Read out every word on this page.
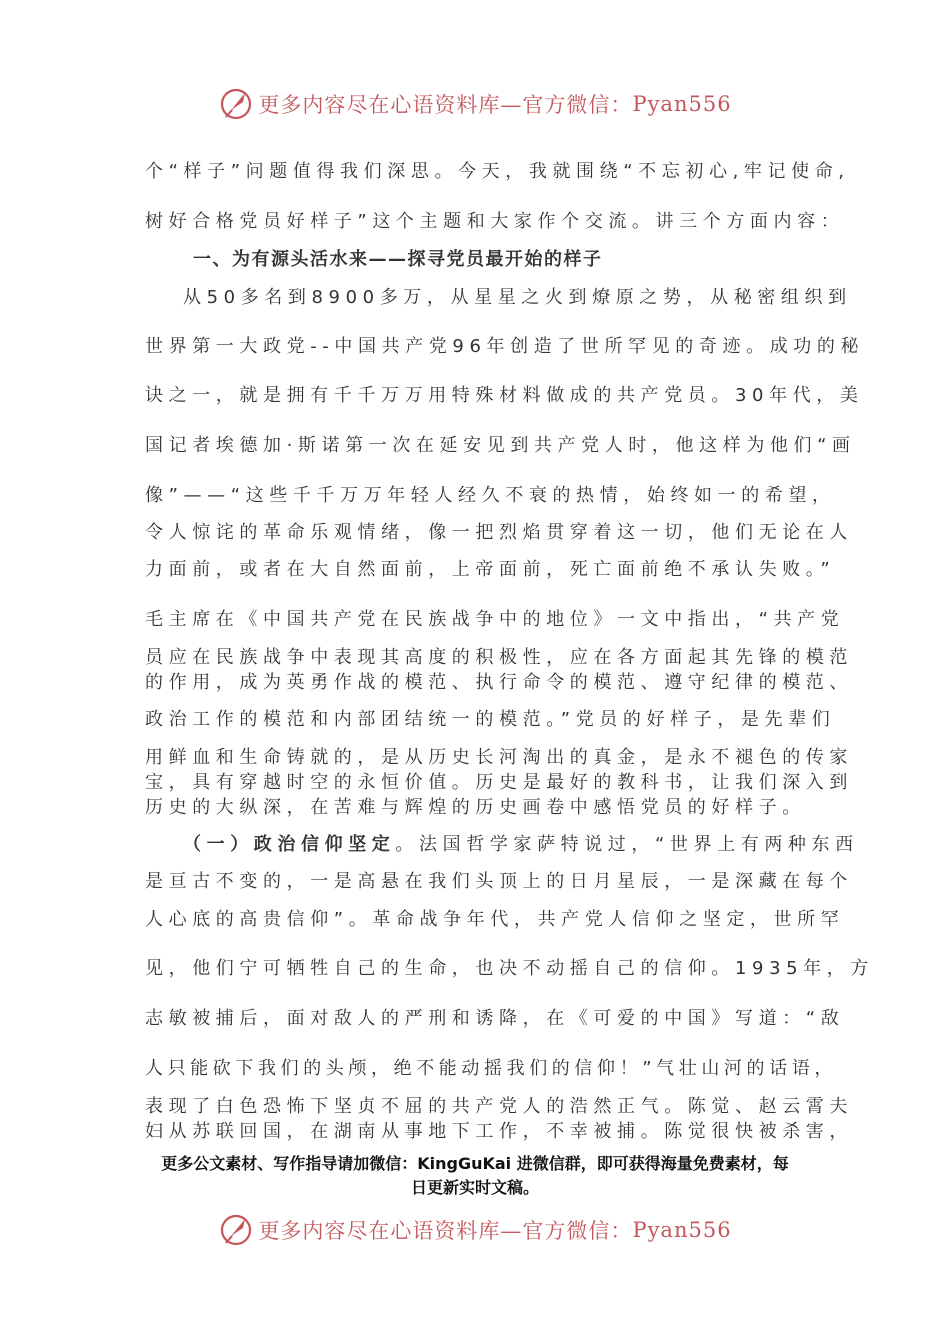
更多内容尽在心语资料库—官方微信： Pyan556
个“样子”问题值得我们深思。今天，我就围绕“不忘初心,牢记使命,
树好合格党员好样子”这个主题和大家作个交流。讲三个方面内容：
一、为有源头活水来——探寻党员最开始的样子
从50多名到8900多万，从星星之火到燎原之势，从秘密组织到
世界第一大政党--中国共产党96年创造了世所罕见的奇迹。成功的秘
诀之一，就是拥有千千万万用特殊材料做成的共产党员。30年代，美
国记者埃德加·斯诺第一次在延安见到共产党人时，他这样为他们“画
像”——“这些千千万万年轻人经久不衰的热情，始终如一的希望，
令人惊诧的革命乐观情绪，像一把烈焰贯穿着这一切，他们无论在人
力面前，或者在大自然面前，上帝面前，死亡面前绝不承认失败。”
毛主席在《中国共产党在民族战争中的地位》一文中指出，“共产党
员应在民族战争中表现其高度的积极性，应在各方面起其先锋的模范
的作用，成为英勇作战的模范、执行命令的模范、遵守纪律的模范、
政治工作的模范和内部团结统一的模范。”党员的好样子，是先辈们
用鲜血和生命铸就的，是从历史长河淘出的真金，是永不褪色的传家
宝，具有穿越时空的永恒价值。历史是最好的教科书，让我们深入到
历史的大纵深，在苦难与辉煌的历史画卷中感悟党员的好样子。
（一）政治信仰坚定。法国哲学家萨特说过，“世界上有两种东西
是亘古不变的，一是高悬在我们头顶上的日月星辰，一是深藏在每个
人心底的高贵信仰”。革命战争年代，共产党人信仰之坚定，世所罕
见，他们宁可牺牲自己的生命，也决不动摇自己的信仰。1935年，方
志敏被捕后，面对敌人的严刑和诱降，在《可爱的中国》写道：“敌
人只能砍下我们的头颅，绝不能动摇我们的信仰！”气壮山河的话语，
表现了白色恐怖下坚贞不屈的共产党人的浩然正气。陈觉、赵云霄夫
妇从苏联回国，在湖南从事地下工作，不幸被捕。陈觉很快被杀害，
更多公文素材、写作指导请加微信：KingGuKai 进微信群，即可获得海量免费素材，每
日更新实时文稿。
更多内容尽在心语资料库—官方微信： Pyan556
